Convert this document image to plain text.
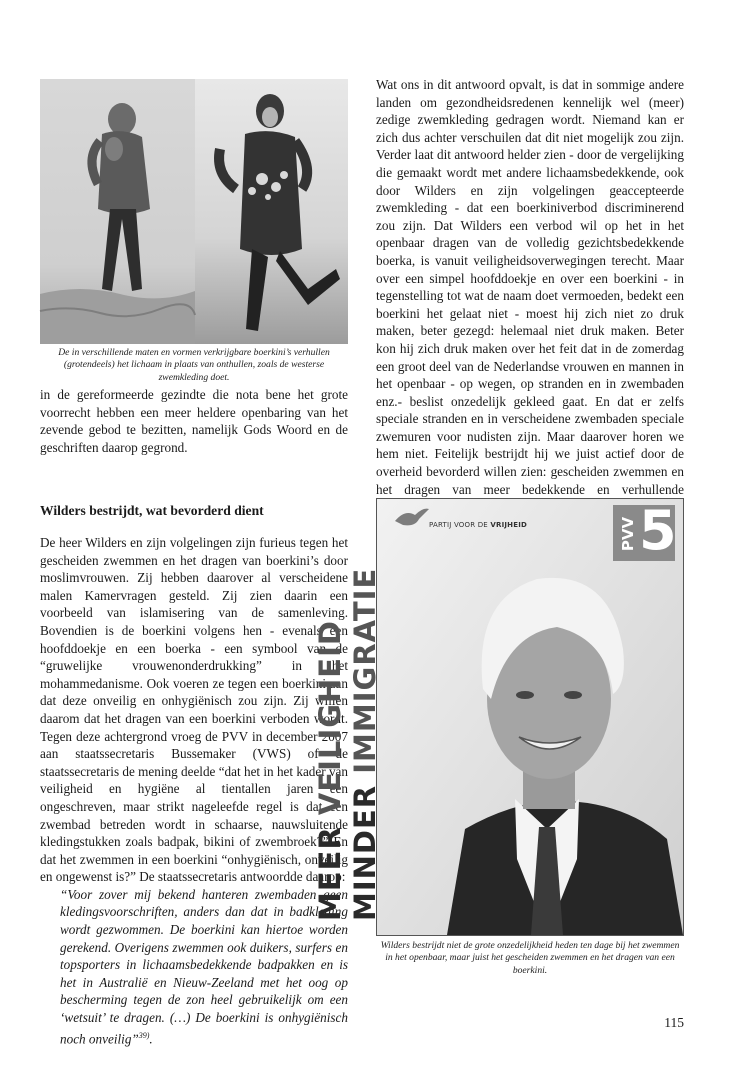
De in verschillende maten en vormen verkrijgbare boerkini’s verhullen (grotendeels) het lichaam in plaats van onthullen, zoals de westerse zwemkleding doet.

in de gereformeerde gezindte die nota bene het grote voorrecht hebben een meer heldere openbaring van het zevende gebod te bezitten, namelijk Gods Woord en de geschriften daarop gegrond.

Wilders bestrijdt, wat bevorderd dient

De heer Wilders en zijn volgelingen zijn furieus tegen het gescheiden zwemmen en het dragen van boerkini’s door moslimvrouwen. Zij hebben daarover al verscheidene malen Kamervragen gesteld. Zij zien daarin een voorbeeld van islamisering van de samenleving. Bovendien is de boerkini volgens hen - evenals een hoofddoekje en een boerka - een symbool van de “gruwelijke vrouwenonderdrukking” in het mohammedanisme. Ook voeren ze tegen een boerkini aan dat deze onveilig en onhygiënisch zou zijn. Zij willen daarom dat het dragen van een boerkini verboden wordt. Tegen deze achtergrond vroeg de PVV in december 2007 aan staatssecretaris Bussemaker (VWS) of de staatssecretaris de mening deelde “dat het in het kader van veiligheid en hygiëne al tientallen jaren een ongeschreven, maar strikt nageleefde regel is dat een zwembad betreden wordt in schaarse, nauwsluitende kledingstukken zoals badpak, bikini of zwembroek?” En dat het zwemmen in een boerkini “onhygiënisch, onveilig en ongewenst is?” De staatssecretaris antwoordde daarop:

“Voor zover mij bekend hanteren zwembaden geen kledingsvoorschriften, anders dan dat in badkleding wordt gezwommen. De boerkini kan hiertoe worden gerekend. Overigens zwemmen ook duikers, surfers en topsporters in lichaamsbedekkende badpakken en is het in Australië en Nieuw-Zeeland met het oog op bescherming tegen de zon heel gebruikelijk om een ‘wetsuit’ te dragen. (…) De boerkini is onhygiënisch noch onveilig”$^{39)}$.

Wat ons in dit antwoord opvalt, is dat in sommige andere landen om gezondheidsredenen kennelijk wel (meer) zedige zwemkleding gedragen wordt. Niemand kan er zich dus achter verschuilen dat dit niet mogelijk zou zijn. Verder laat dit antwoord helder zien - door de vergelijking die gemaakt wordt met andere lichaamsbedekkende, ook door Wilders en zijn volgelingen geaccepteerde zwemkleding - dat een boerkiniverbod discriminerend zou zijn. Dat Wilders een verbod wil op het in het openbaar dragen van de volledig gezichtsbedekkende boerka, is vanuit veiligheidsoverwegingen terecht. Maar over een simpel hoofddoekje en over een boerkini - in tegenstelling tot wat de naam doet vermoeden, bedekt een boerkini het gelaat niet - moest hij zich niet zo druk maken, beter gezegd: helemaal niet druk maken. Beter kon hij zich druk maken over het feit dat in de zomerdag een groot deel van de Nederlandse vrouwen en mannen in het openbaar - op wegen, op stranden en in zwembaden enz.- beslist onzedelijk gekleed gaat. En dat er zelfs speciale stranden en in verscheidene zwembaden speciale zwemuren voor nudisten zijn. Maar daarover horen we hem niet. Feitelijk bestrijdt hij we juist actief door de overheid bevorderd willen zien: gescheiden zwemmen en het dragen van meer bedekkende en verhullende

PARTIJ VOOR DE VRIJHEID	PVV 5
MEER VEILIGHEID
MINDER IMMIGRATIE

Wilders bestrijdt niet de grote onzedelijkheid heden ten dage bij het zwemmen in het openbaar, maar juist het gescheiden zwemmen en het dragen van een boerkini.

115
